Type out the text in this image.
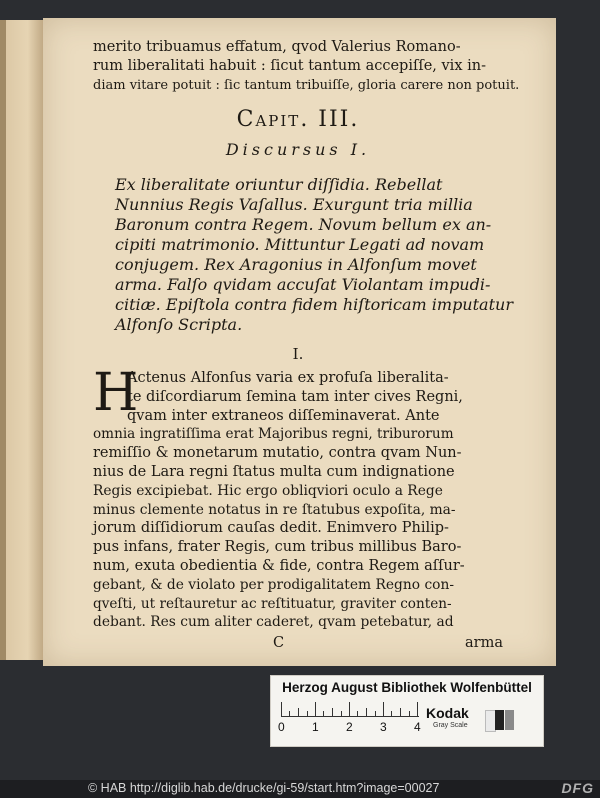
merito tribuamus effatum, qvod Valerius Romano-
rum liberalitati habuit : ſicut tantum accepiſſe, vix in-
diam vitare potuit : ſic tantum tribuiſſe, gloria carere non potuit.
Capit. III.
Discursus I.
Ex liberalitate oriuntur diſſidia. Rebellat
Nunnius Regis Vaſallus. Exurgunt tria millia
Baronum contra Regem. Novum bellum ex an-
cipiti matrimonio. Mittuntur Legati ad novam
conjugem. Rex Aragonius in Alfonſum movet
arma. Falſo qvidam accuſat Violantam impudi-
citiæ. Epiſtola contra fidem hiſtoricam imputatur
Alfonſo Scripta.
I.
H
Actenus Alfonſus varia ex profuſa liberalita-
te diſcordiarum ſemina tam inter cives Regni,
qvam inter extraneos diſſeminaverat. Ante
omnia ingratiſſima erat Majoribus regni, triburorum
remiſſio & monetarum mutatio, contra qvam Nun-
nius de Lara regni ſtatus multa cum indignatione
Regis excipiebat. Hic ergo obliqviori oculo a Rege
minus clemente notatus in re ſtatubus expoſita, ma-
jorum diſſidiorum cauſas dedit. Enimvero Philip-
pus infans, frater Regis, cum tribus millibus Baro-
num, exuta obedientia & fide, contra Regem aſſur-
gebant, & de violato per prodigalitatem Regno con-
qveſti, ut reſtauretur ac reſtituatur, graviter conten-
debant. Res cum aliter caderet, qvam petebatur, ad
C	arma
Herzog August Bibliothek Wolfenbüttel
0 1 2 3 4
Kodak
Gray Scale
© HAB http://diglib.hab.de/drucke/gi-59/start.htm?image=00027	DFG
